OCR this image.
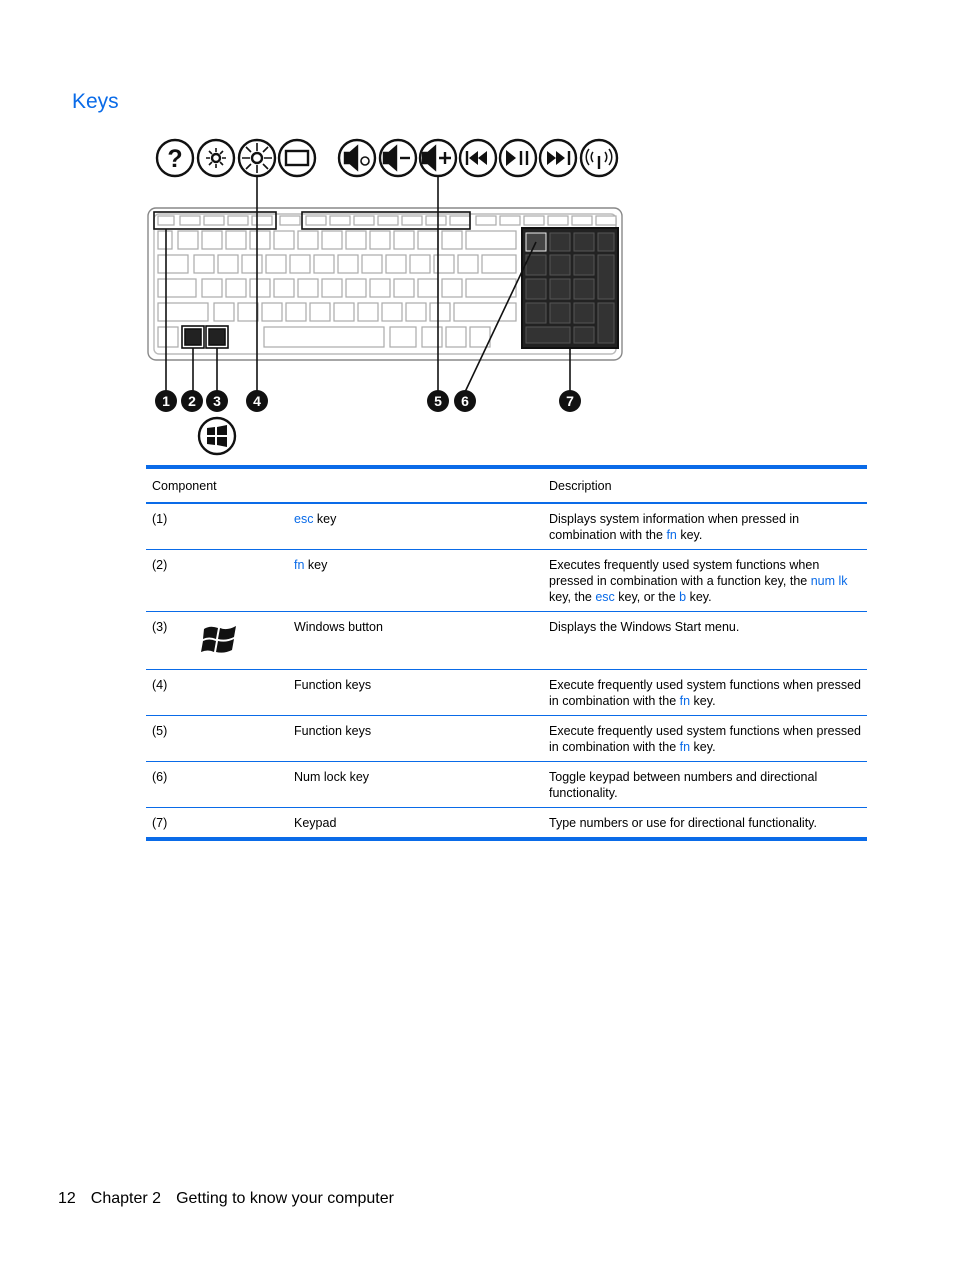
Keys
?
1 2 3 4	5 6	7
Component			Description
(1)		esc key	Displays system information when pressed in combination with the fn key.
(2)		fn key	Executes frequently used system functions when pressed in combination with a function key, the num lk key, the esc key, or the b key.
(3)		Windows button	Displays the Windows Start menu.
(4)		Function keys	Execute frequently used system functions when pressed in combination with the fn key.
(5)		Function keys	Execute frequently used system functions when pressed in combination with the fn key.
(6)		Num lock key	Toggle keypad between numbers and directional functionality.
(7)		Keypad	Type numbers or use for directional functionality.
12 Chapter 2 Getting to know your computer
